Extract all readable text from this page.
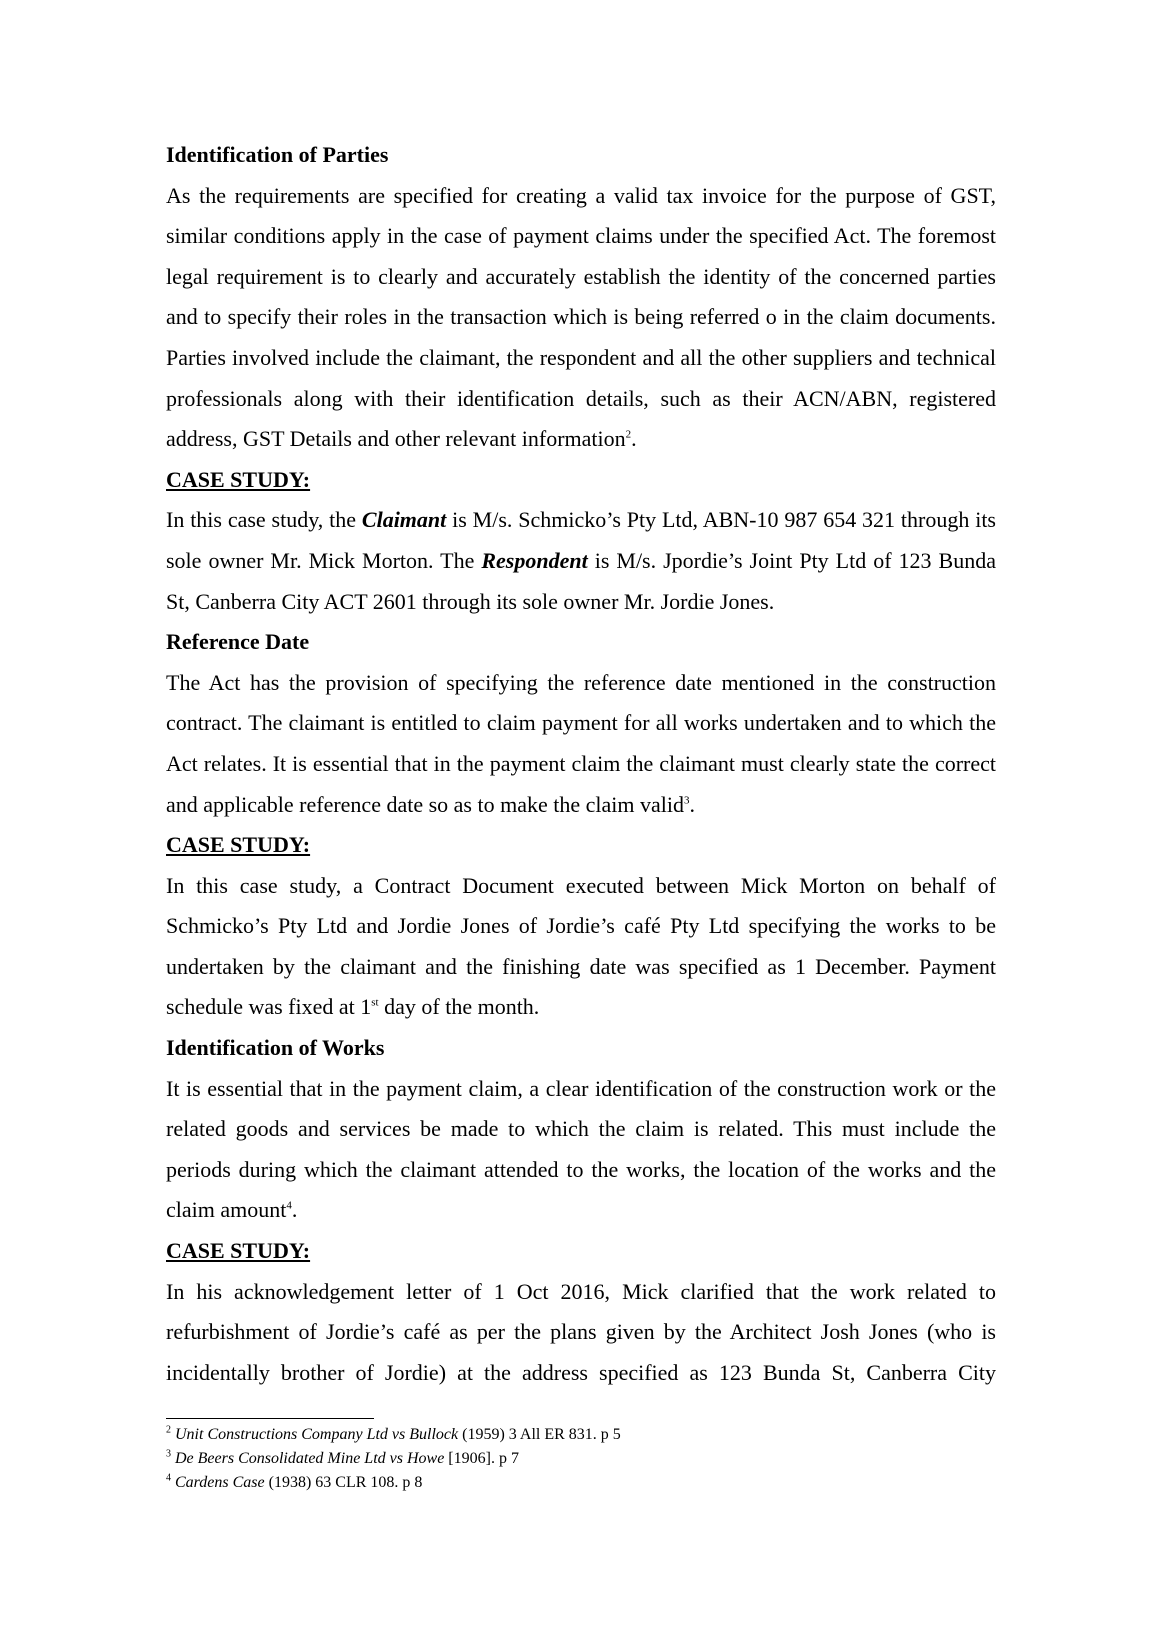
Identification of Parties

As the requirements are specified for creating a valid tax invoice for the purpose of GST, similar conditions apply in the case of payment claims under the specified Act. The foremost legal requirement is to clearly and accurately establish the identity of the concerned parties and to specify their roles in the transaction which is being referred o in the claim documents. Parties involved include the claimant, the respondent and all the other suppliers and technical professionals along with their identification details, such as their ACN/ABN, registered address, GST Details and other relevant information$^2$.

CASE STUDY:

In this case study, the Claimant is M/s. Schmicko’s Pty Ltd, ABN-10 987 654 321 through its sole owner Mr. Mick Morton. The Respondent is M/s. Jpordie’s Joint Pty Ltd of 123 Bunda St, Canberra City ACT 2601 through its sole owner Mr. Jordie Jones.

Reference Date

The Act has the provision of specifying the reference date mentioned in the construction contract. The claimant is entitled to claim payment for all works undertaken and to which the Act relates. It is essential that in the payment claim the claimant must clearly state the correct and applicable reference date so as to make the claim valid$^3$.

CASE STUDY:

In this case study, a Contract Document executed between Mick Morton on behalf of Schmicko’s Pty Ltd and Jordie Jones of Jordie’s café Pty Ltd specifying the works to be undertaken by the claimant and the finishing date was specified as 1 December. Payment schedule was fixed at 1st day of the month.

Identification of Works

It is essential that in the payment claim, a clear identification of the construction work or the related goods and services be made to which the claim is related. This must include the periods during which the claimant attended to the works, the location of the works and the claim amount$^4$.

CASE STUDY:

In his acknowledgement letter of 1 Oct 2016, Mick clarified that the work related to refurbishment of Jordie’s café as per the plans given by the Architect Josh Jones (who is incidentally brother of Jordie) at the address specified as 123 Bunda St, Canberra City

$^2$ Unit Constructions Company Ltd vs Bullock (1959) 3 All ER 831. p 5

$^3$ De Beers Consolidated Mine Ltd vs Howe [1906]. p 7

$^4$ Cardens Case (1938) 63 CLR 108. p 8
